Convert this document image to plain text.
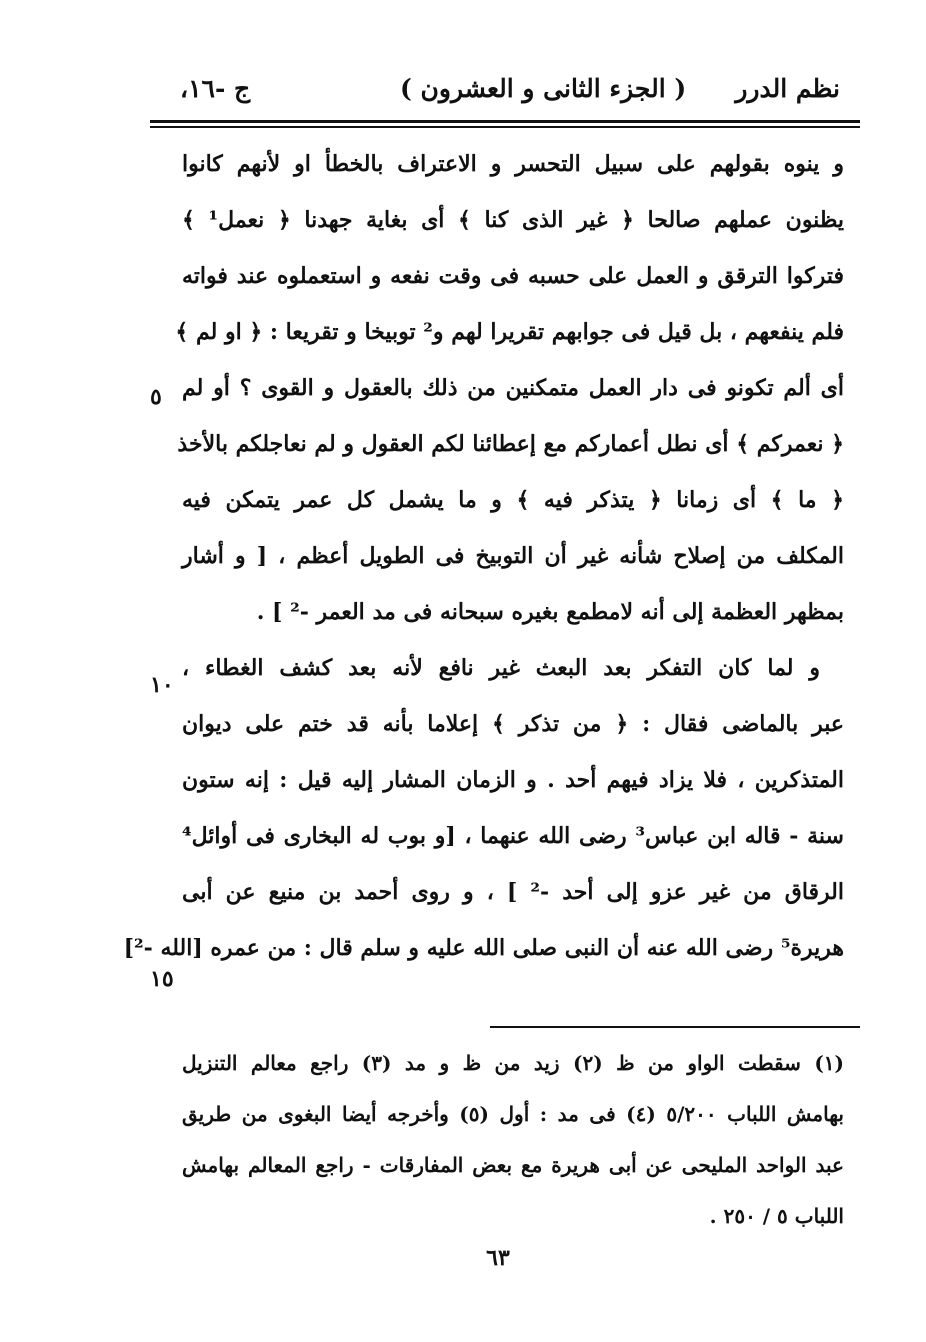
نظم الدرر
( الجزء الثانى و العشرون )
ج -١٦،
و ينوه بقولهم على سبيل التحسر و الاعتراف بالخطأ او لأنهم كانوا
يظنون عملهم صالحا ﴿ غير الذى كنا ﴾ أى بغاية جهدنا ﴿ نعمل¹ ﴾
فتركوا الترقق و العمل على حسبه فى وقت نفعه و استعملوه عند فواته
فلم ينفعهم ، بل قيل فى جوابهم تقريرا لهم و² توبيخا و تقريعا : ﴿ او لم ﴾
أى ألم تكونو فى دار العمل متمكنين من ذلك بالعقول و القوى ؟ أو لم
﴿ نعمركم ﴾ أى نطل أعماركم مع إعطائنا لكم العقول و لم نعاجلكم بالأخذ
﴿ ما ﴾ أى زمانا ﴿ يتذكر فيه ﴾ و ما يشمل كل عمر يتمكن فيه
المكلف من إصلاح شأنه غير أن التوبيخ فى الطويل أعظم ، [ و أشار
بمظهر العظمة إلى أنه لامطمع بغيره سبحانه فى مد العمر -² ] .
و لما كان التفكر بعد البعث غير نافع لأنه بعد كشف الغطاء ،
عبر بالماضى فقال : ﴿ من تذكر ﴾ إعلاما بأنه قد ختم على ديوان
المتذكرين ، فلا يزاد فيهم أحد . و الزمان المشار إليه قيل : إنه ستون
سنة - قاله ابن عباس³ رضى الله عنهما ، [و بوب له البخارى فى أوائل⁴
الرقاق من غير عزو إلى أحد -² ] ، و روى أحمد بن منيع عن أبى
هريرة⁵ رضى الله عنه أن النبى صلى الله عليه و سلم قال : من عمره [الله -²]
٥
١٠
١٥
(١) سقطت الواو من ظ (٢) زيد من ظ و مد (٣) راجع معالم التنزيل
بهامش اللباب ٥/٢٠٠ (٤) فى مد : أول (٥) وأخرجه أيضا البغوى من طريق
عبد الواحد المليحى عن أبى هريرة مع بعض المفارقات - راجع المعالم بهامش
اللباب ٥ / ٢٥٠ .
٦٣
